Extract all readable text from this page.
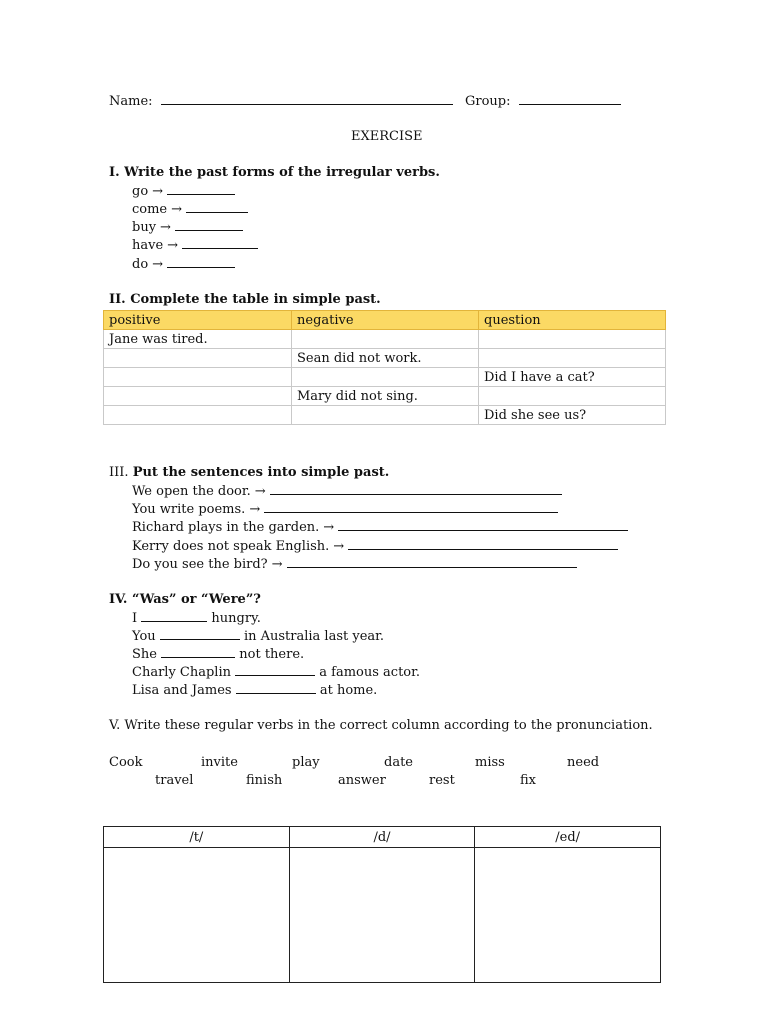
Name:	Group:
EXERCISE
I. Write the past forms of the irregular verbs.
go →
come →
buy →
have →
do →
II. Complete the table in simple past.
positive	negative	question
Jane was tired.		
	Sean did not work.	
		Did I have a cat?
	Mary did not sing.	
		Did she see us?
III. Put the sentences into simple past.
We open the door. →
You write poems. →
Richard plays in the garden. →
Kerry does not speak English. →
Do you see the bird? →
IV. “Was” or “Were”?
I	hungry.
You	in Australia last year.
She	not there.
Charly Chaplin	a famous actor.
Lisa and James	at home.
V. Write these regular verbs in the correct column according to the pronunciation.
Cook	invite	play	date	miss	need
travel	finish	answer	rest	fix
/t/	/d/	/ed/
